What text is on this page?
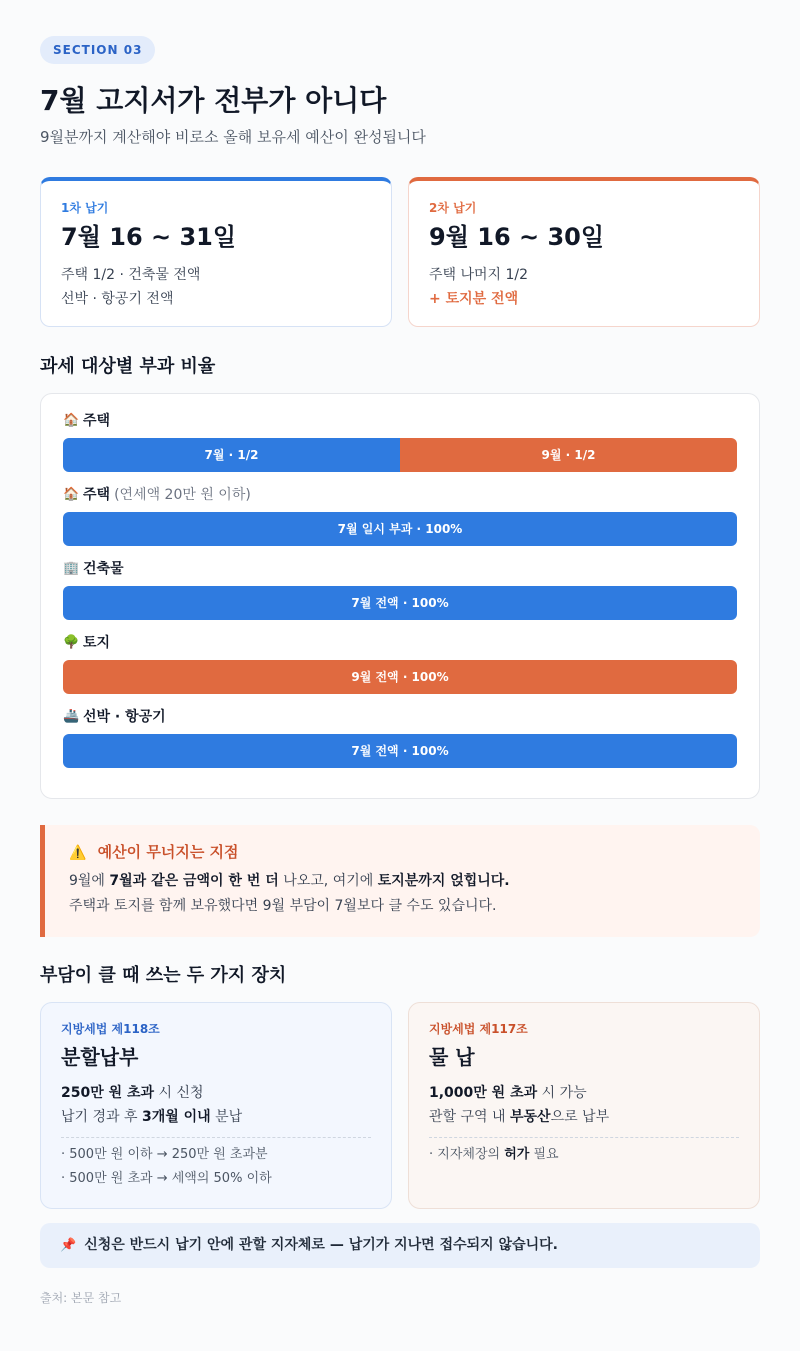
SECTION 03
7월 고지서가 전부가 아니다

9월분까지 계산해야 비로소 올해 보유세 예산이 완성됩니다

1차 납기
7월 16 ~ 31일
주택 1/2 · 건축물 전액
선박 · 항공기 전액
2차 납기
9월 16 ~ 30일
주택 나머지 1/2
+ 토지분 전액
과세 대상별 부과 비율
🏠 주택
7월 · 1/2	9월 · 1/2
🏠 주택 (연세액 20만 원 이하)
7월 일시 부과 · 100%
🏢 건축물
7월 전액 · 100%
🌳 토지
9월 전액 · 100%
🚢 선박 · 항공기
7월 전액 · 100%
⚠️ 예산이 무너지는 지점
9월에 7월과 같은 금액이 한 번 더 나오고, 여기에 토지분까지 얹힙니다.
주택과 토지를 함께 보유했다면 9월 부담이 7월보다 클 수도 있습니다.
부담이 클 때 쓰는 두 가지 장치
지방세법 제118조
분할납부
250만 원 초과 시 신청
납기 경과 후 3개월 이내 분납
· 500만 원 이하 → 250만 원 초과분
· 500만 원 초과 → 세액의 50% 이하
지방세법 제117조
물 납
1,000만 원 초과 시 가능
관할 구역 내 부동산으로 납부
· 지자체장의 허가 필요
📌 신청은 반드시 납기 안에 관할 지자체로 — 납기가 지나면 접수되지 않습니다.
출처: 본문 참고
